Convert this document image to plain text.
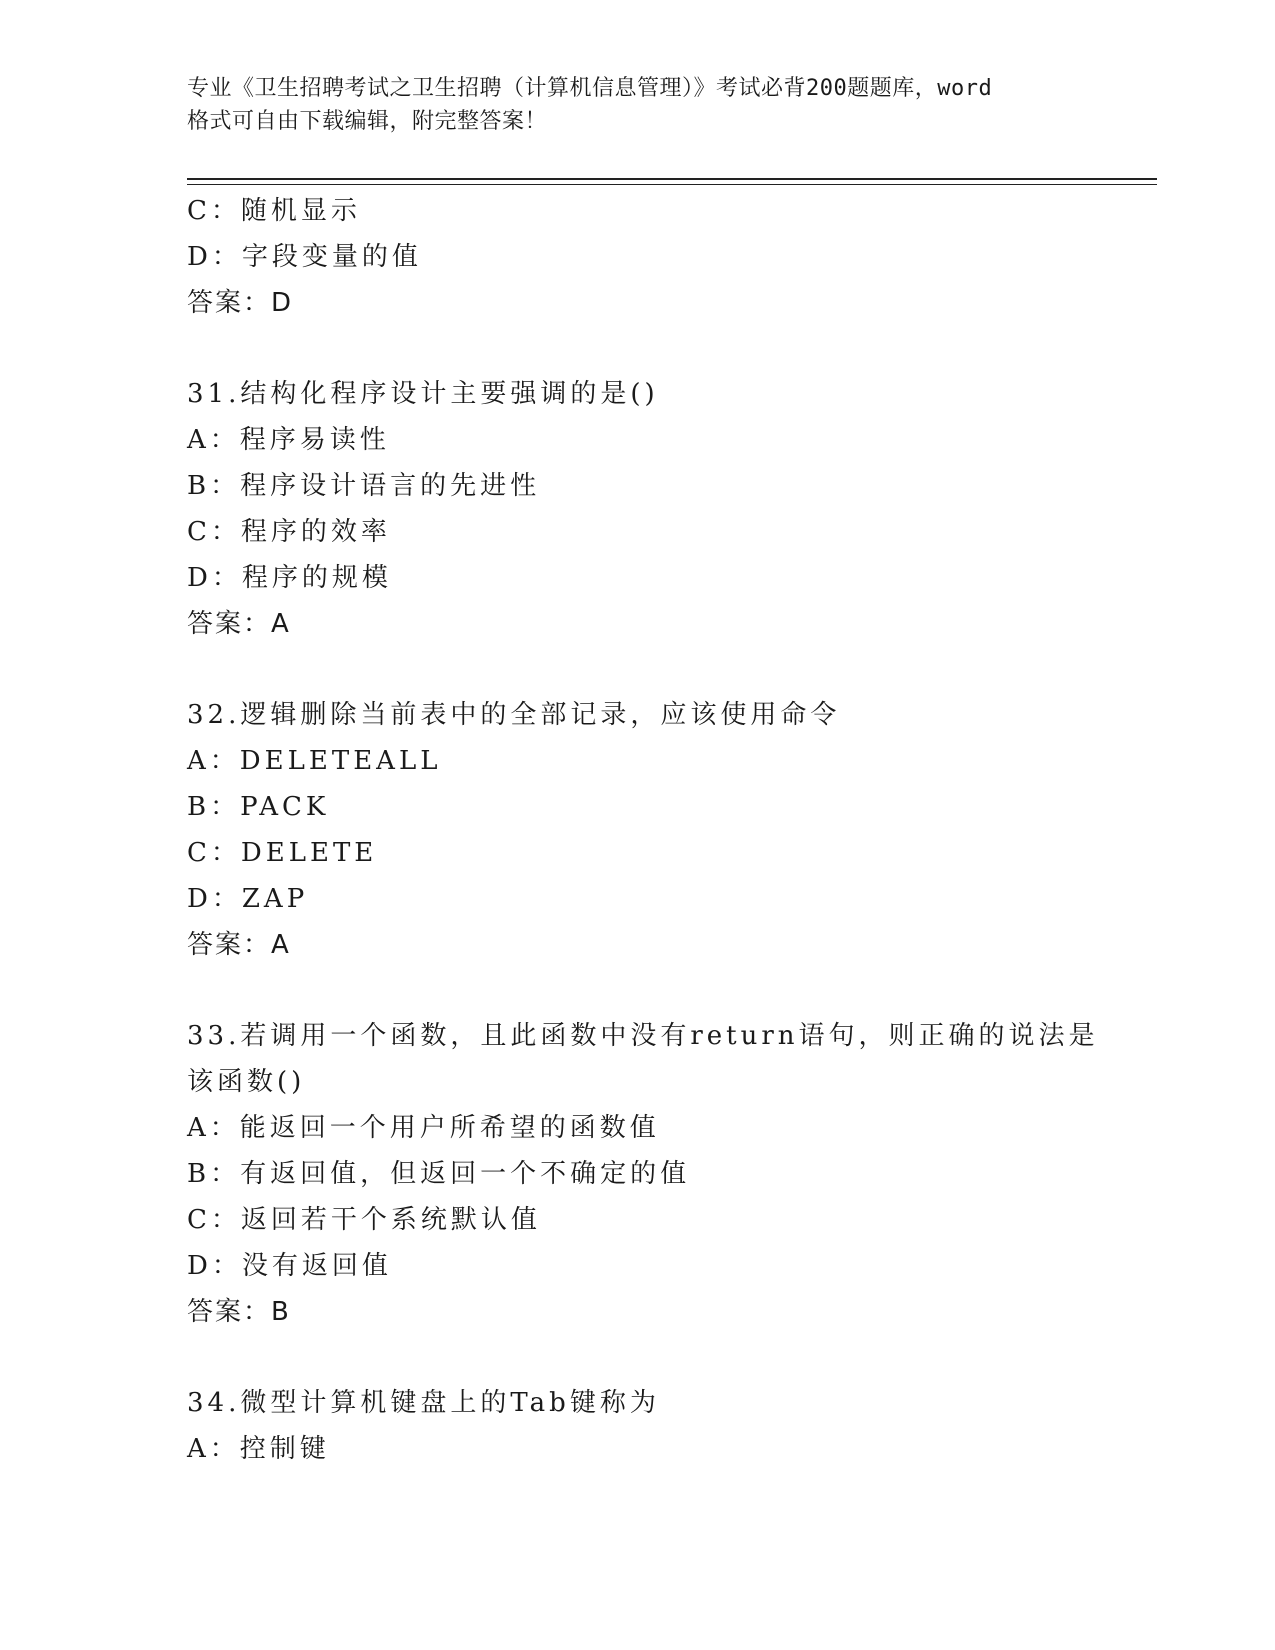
专业《卫生招聘考试之卫生招聘（计算机信息管理）》考试必背200题题库，word
格式可自由下载编辑，附完整答案！
C：随机显示
D：字段变量的值
答案：D
31.结构化程序设计主要强调的是()
A：程序易读性
B：程序设计语言的先进性
C：程序的效率
D：程序的规模
答案：A
32.逻辑删除当前表中的全部记录，应该使用命令
A：DELETEALL
B：PACK
C：DELETE
D：ZAP
答案：A
33.若调用一个函数，且此函数中没有return语句，则正确的说法是
该函数()
A：能返回一个用户所希望的函数值
B：有返回值，但返回一个不确定的值
C：返回若干个系统默认值
D：没有返回值
答案：B
34.微型计算机键盘上的Tab键称为
A：控制键
